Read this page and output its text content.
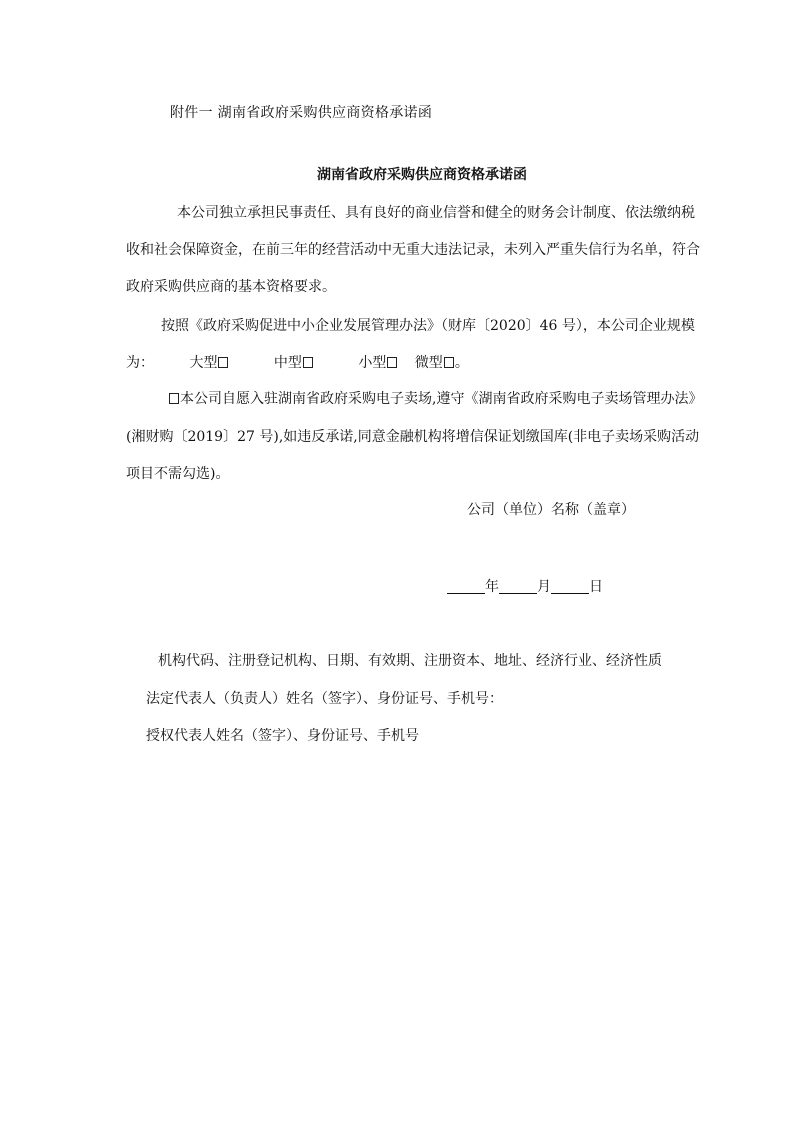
附件一 湖南省政府采购供应商资格承诺函
湖南省政府采购供应商资格承诺函
本公司独立承担民事责任、具有良好的商业信誉和健全的财务会计制度、依法缴纳税
收和社会保障资金，在前三年的经营活动中无重大违法记录，未列入严重失信行为名单，符合
政府采购供应商的基本资格要求。
按照《政府采购促进中小企业发展管理办法》（财库〔2020〕46 号），本公司企业规模
为：	大型	中型	小型 微型 。
本公司自愿入驻湖南省政府采购电子卖场,遵守《湖南省政府采购电子卖场管理办法》
(湘财购〔2019〕27 号),如违反承诺,同意金融机构将增信保证划缴国库(非电子卖场采购活动
项目不需勾选)。
公司（单位）名称（盖章）
年	月	日
机构代码、注册登记机构、日期、有效期、注册资本、地址、经济行业、经济性质
法定代表人（负责人）姓名（签字）、身份证号、手机号：
授权代表人姓名（签字）、身份证号、手机号
